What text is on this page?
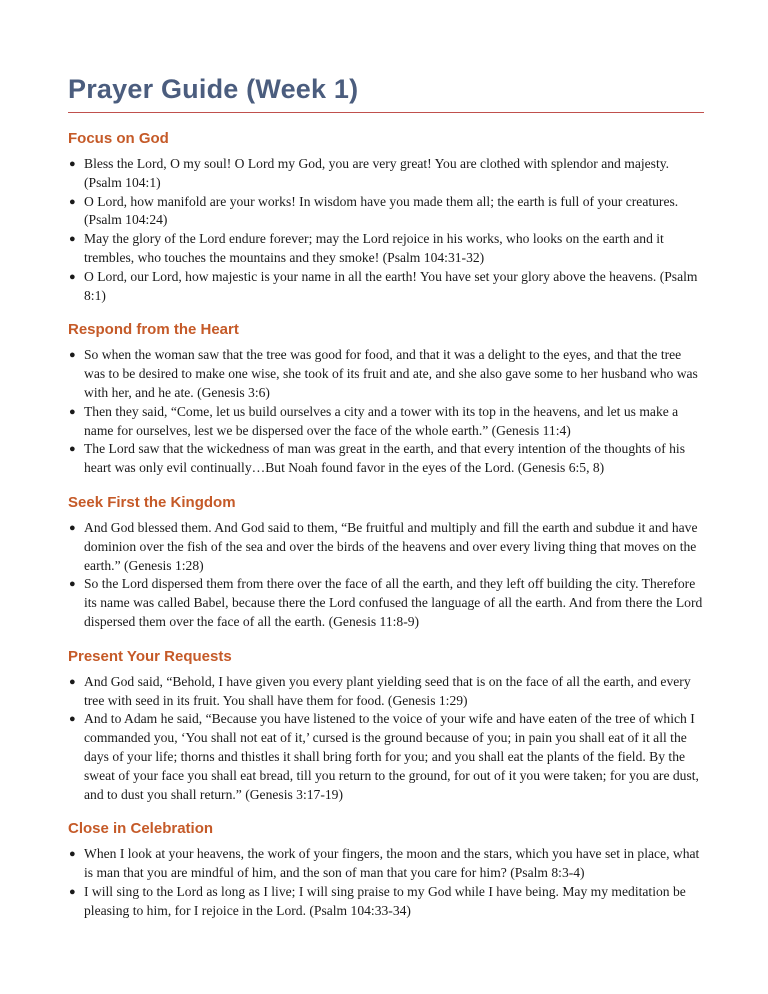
Prayer Guide (Week 1)
Focus on God
● Bless the Lord, O my soul! O Lord my God, you are very great! You are clothed with splendor and majesty. (Psalm 104:1)
● O Lord, how manifold are your works! In wisdom have you made them all; the earth is full of your creatures. (Psalm 104:24)
● May the glory of the Lord endure forever; may the Lord rejoice in his works, who looks on the earth and it trembles, who touches the mountains and they smoke! (Psalm 104:31-32)
● O Lord, our Lord, how majestic is your name in all the earth! You have set your glory above the heavens. (Psalm 8:1)
Respond from the Heart
● So when the woman saw that the tree was good for food, and that it was a delight to the eyes, and that the tree was to be desired to make one wise, she took of its fruit and ate, and she also gave some to her husband who was with her, and he ate. (Genesis 3:6)
● Then they said, “Come, let us build ourselves a city and a tower with its top in the heavens, and let us make a name for ourselves, lest we be dispersed over the face of the whole earth.” (Genesis 11:4)
● The Lord saw that the wickedness of man was great in the earth, and that every intention of the thoughts of his heart was only evil continually…But Noah found favor in the eyes of the Lord. (Genesis 6:5, 8)
Seek First the Kingdom
● And God blessed them. And God said to them, “Be fruitful and multiply and fill the earth and subdue it and have dominion over the fish of the sea and over the birds of the heavens and over every living thing that moves on the earth.” (Genesis 1:28)
● So the Lord dispersed them from there over the face of all the earth, and they left off building the city. Therefore its name was called Babel, because there the Lord confused the language of all the earth. And from there the Lord dispersed them over the face of all the earth. (Genesis 11:8-9)
Present Your Requests
● And God said, “Behold, I have given you every plant yielding seed that is on the face of all the earth, and every tree with seed in its fruit. You shall have them for food. (Genesis 1:29)
● And to Adam he said, “Because you have listened to the voice of your wife and have eaten of the tree of which I commanded you, ‘You shall not eat of it,’ cursed is the ground because of you; in pain you shall eat of it all the days of your life; thorns and thistles it shall bring forth for you; and you shall eat the plants of the field. By the sweat of your face you shall eat bread, till you return to the ground, for out of it you were taken; for you are dust, and to dust you shall return.” (Genesis 3:17-19)
Close in Celebration
● When I look at your heavens, the work of your fingers, the moon and the stars, which you have set in place, what is man that you are mindful of him, and the son of man that you care for him? (Psalm 8:3-4)
● I will sing to the Lord as long as I live; I will sing praise to my God while I have being. May my meditation be pleasing to him, for I rejoice in the Lord. (Psalm 104:33-34)
